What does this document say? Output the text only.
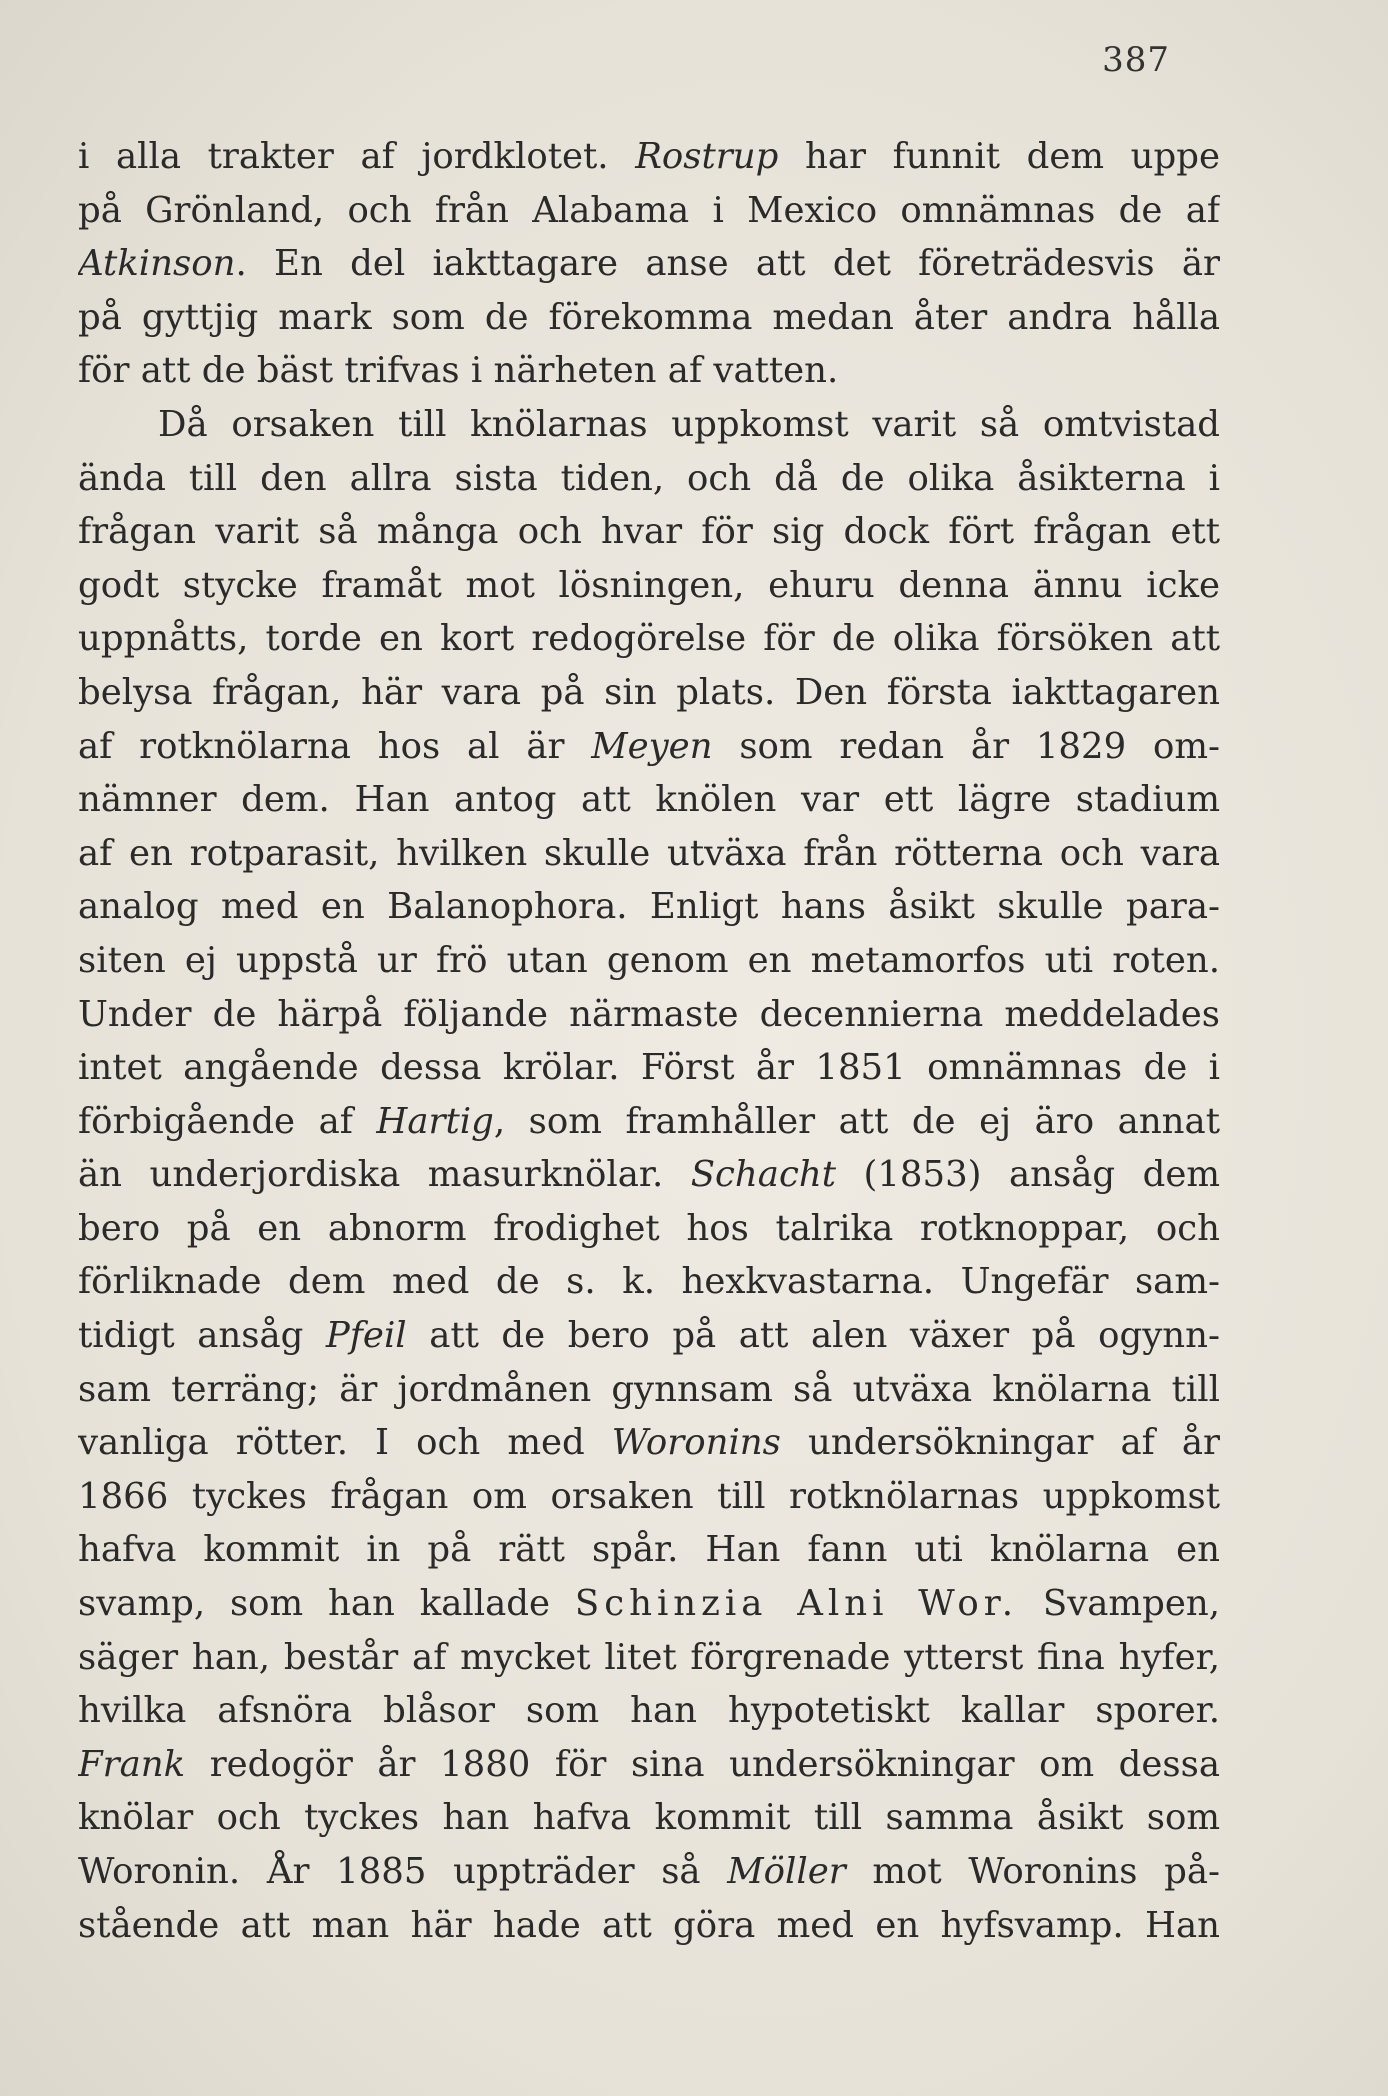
387
i alla trakter af jordklotet. Rostrup har funnit dem uppe
på Grönland, och från Alabama i Mexico omnämnas de af
Atkinson. En del iakttagare anse att det företrädesvis är
på gyttjig mark som de förekomma medan åter andra hålla
för att de bäst trifvas i närheten af vatten.
Då orsaken till knölarnas uppkomst varit så omtvistad
ända till den allra sista tiden, och då de olika åsikterna i
frågan varit så många och hvar för sig dock fört frågan ett
godt stycke framåt mot lösningen, ehuru denna ännu icke
uppnåtts, torde en kort redogörelse för de olika försöken att
belysa frågan, här vara på sin plats. Den första iakttagaren
af rotknölarna hos al är Meyen som redan år 1829 om-
nämner dem. Han antog att knölen var ett lägre stadium
af en rotparasit, hvilken skulle utväxa från rötterna och vara
analog med en Balanophora. Enligt hans åsikt skulle para-
siten ej uppstå ur frö utan genom en metamorfos uti roten.
Under de härpå följande närmaste decennierna meddelades
intet angående dessa krölar. Först år 1851 omnämnas de i
förbigående af Hartig, som framhåller att de ej äro annat
än underjordiska masurknölar. Schacht (1853) ansåg dem
bero på en abnorm frodighet hos talrika rotknoppar, och
förliknade dem med de s. k. hexkvastarna. Ungefär sam-
tidigt ansåg Pfeil att de bero på att alen växer på ogynn-
sam terräng; är jordmånen gynnsam så utväxa knölarna till
vanliga rötter. I och med Woronins undersökningar af år
1866 tyckes frågan om orsaken till rotknölarnas uppkomst
hafva kommit in på rätt spår. Han fann uti knölarna en
svamp, som han kallade Schinzia Alni Wor. Svampen,
säger han, består af mycket litet förgrenade ytterst fina hyfer,
hvilka afsnöra blåsor som han hypotetiskt kallar sporer.
Frank redogör år 1880 för sina undersökningar om dessa
knölar och tyckes han hafva kommit till samma åsikt som
Woronin. År 1885 uppträder så Möller mot Woronins på-
stående att man här hade att göra med en hyfsvamp. Han
